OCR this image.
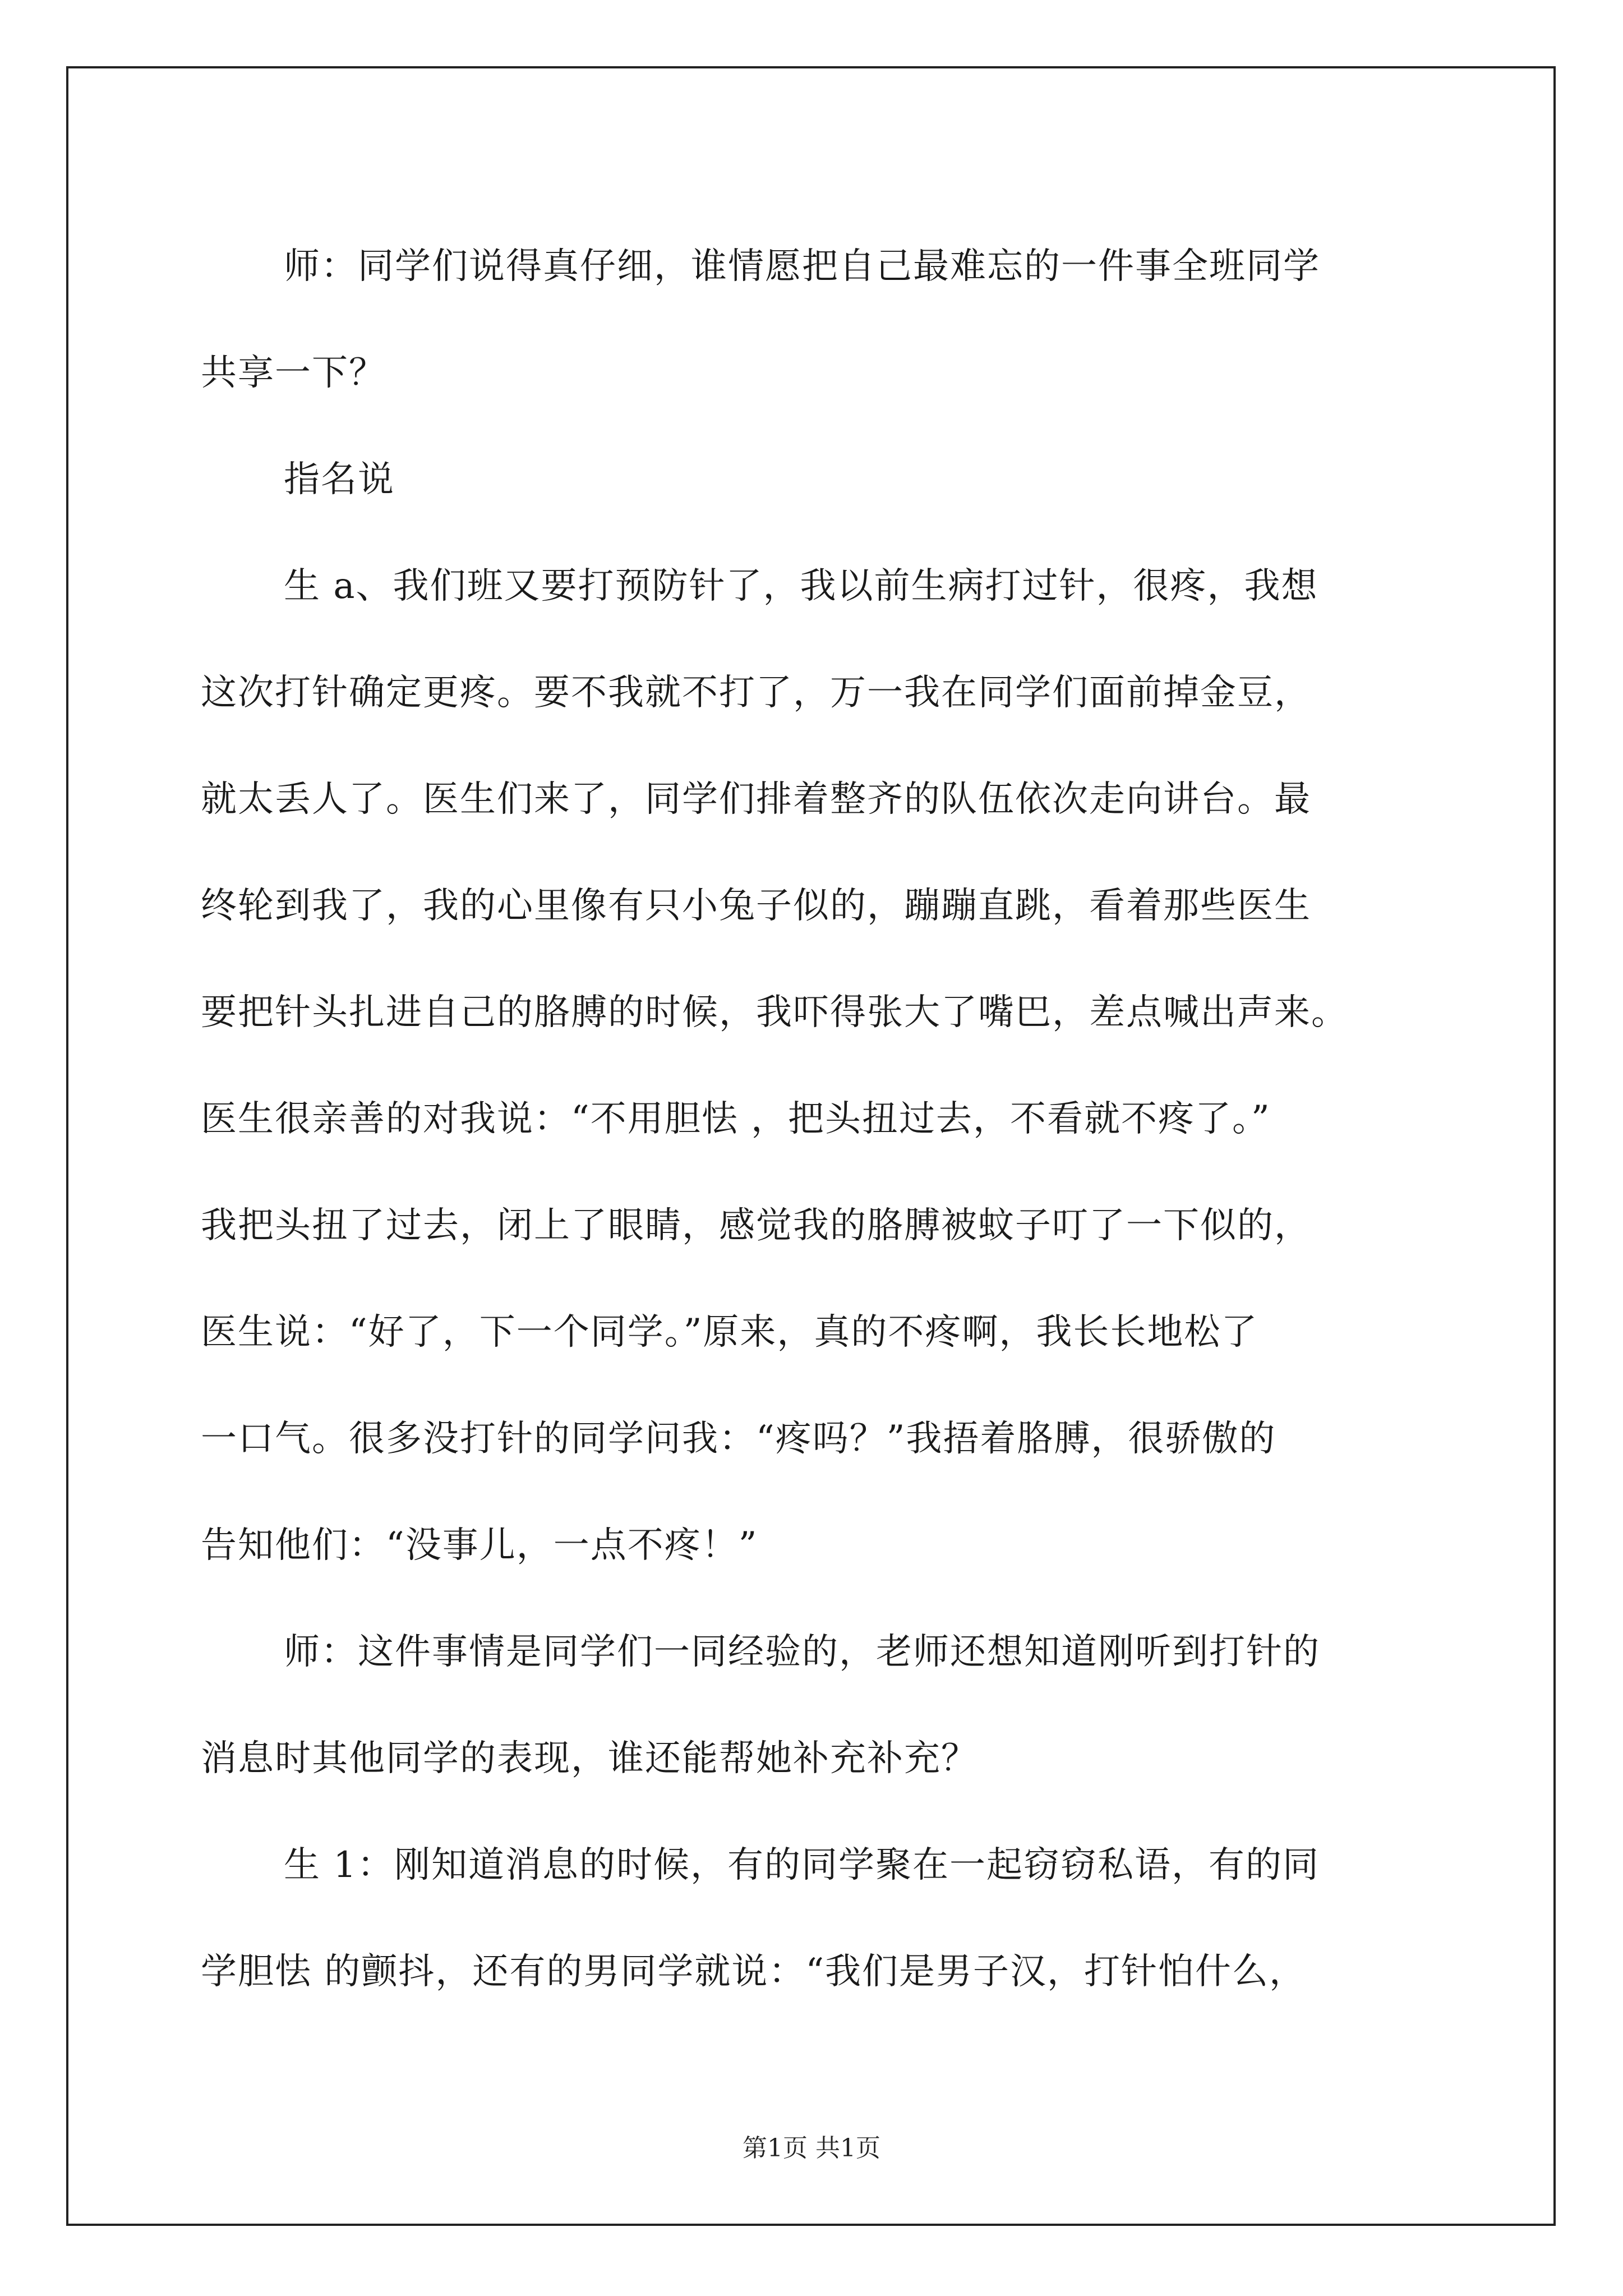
师：同学们说得真仔细，谁情愿把自己最难忘的一件事全班同学
共享一下？
指名说
生 a、我们班又要打预防针了，我以前生病打过针，很疼，我想
这次打针确定更疼。要不我就不打了，万一我在同学们面前掉金豆，
就太丢人了。医生们来了，同学们排着整齐的队伍依次走向讲台。最
终轮到我了，我的心里像有只小兔子似的，蹦蹦直跳，看着那些医生
要把针头扎进自己的胳膊的时候，我吓得张大了嘴巴，差点喊出声来。
医生很亲善的对我说：“不用胆怯 ，把头扭过去，不看就不疼了。”
我把头扭了过去，闭上了眼睛，感觉我的胳膊被蚊子叮了一下似的，
医生说：“好了，下一个同学。”原来，真的不疼啊，我长长地松了
一口气。很多没打针的同学问我：“疼吗？”我捂着胳膊，很骄傲的
告知他们：“没事儿，一点不疼！”
师：这件事情是同学们一同经验的，老师还想知道刚听到打针的
消息时其他同学的表现，谁还能帮她补充补充？
生 1：刚知道消息的时候，有的同学聚在一起窃窃私语，有的同
学胆怯 的颤抖，还有的男同学就说：“我们是男子汉，打针怕什么，
第1页 共1页
